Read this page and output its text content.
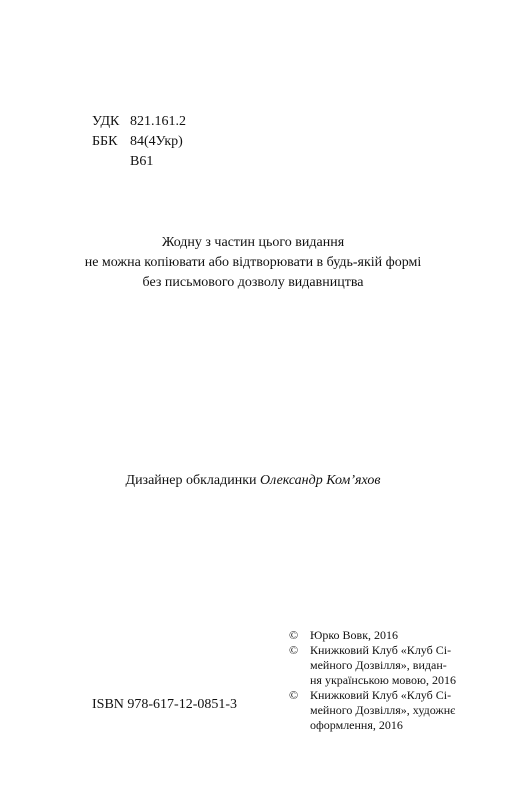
УДК 821.161.2
ББК 84(4Укр)
В61
Жодну з частин цього видання
не можна копіювати або відтворювати в будь-якій формі
без письмового дозволу видавництва
Дизайнер обкладинки Олександр Ком’яхов
© Юрко Вовк, 2016
© Книжковий Клуб «Клуб Сі-
мейного Дозвілля», видан-
ня українською мовою, 2016
© Книжковий Клуб «Клуб Сі-
мейного Дозвілля», художнє
оформлення, 2016
ISBN 978-617-12-0851-3
